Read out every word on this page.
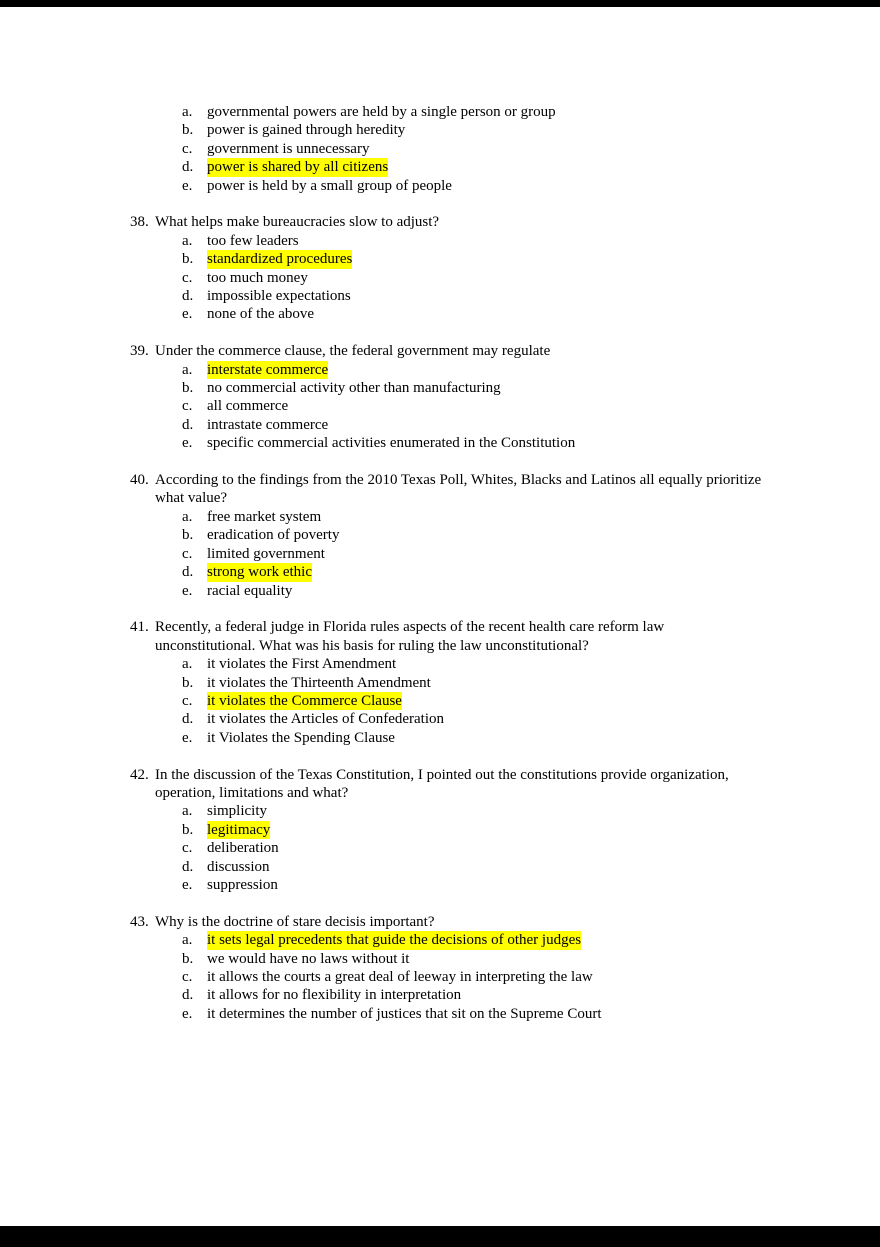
a. governmental powers are held by a single person or group
b. power is gained through heredity
c. government is unnecessary
d. power is shared by all citizens
e. power is held by a small group of people
38. What helps make bureaucracies slow to adjust?
a. too few leaders
b. standardized procedures
c. too much money
d. impossible expectations
e. none of the above
39. Under the commerce clause, the federal government may regulate
a. interstate commerce
b. no commercial activity other than manufacturing
c. all commerce
d. intrastate commerce
e. specific commercial activities enumerated in the Constitution
40. According to the findings from the 2010 Texas Poll, Whites, Blacks and Latinos all equally prioritize what value?
a. free market system
b. eradication of poverty
c. limited government
d. strong work ethic
e. racial equality
41. Recently, a federal judge in Florida rules aspects of the recent health care reform law unconstitutional. What was his basis for ruling the law unconstitutional?
a. it violates the First Amendment
b. it violates the Thirteenth Amendment
c. it violates the Commerce Clause
d. it violates the Articles of Confederation
e. it Violates the Spending Clause
42. In the discussion of the Texas Constitution, I pointed out the constitutions provide organization, operation, limitations and what?
a. simplicity
b. legitimacy
c. deliberation
d. discussion
e. suppression
43. Why is the doctrine of stare decisis important?
a. it sets legal precedents that guide the decisions of other judges
b. we would have no laws without it
c. it allows the courts a great deal of leeway in interpreting the law
d. it allows for no flexibility in interpretation
e. it determines the number of justices that sit on the Supreme Court
